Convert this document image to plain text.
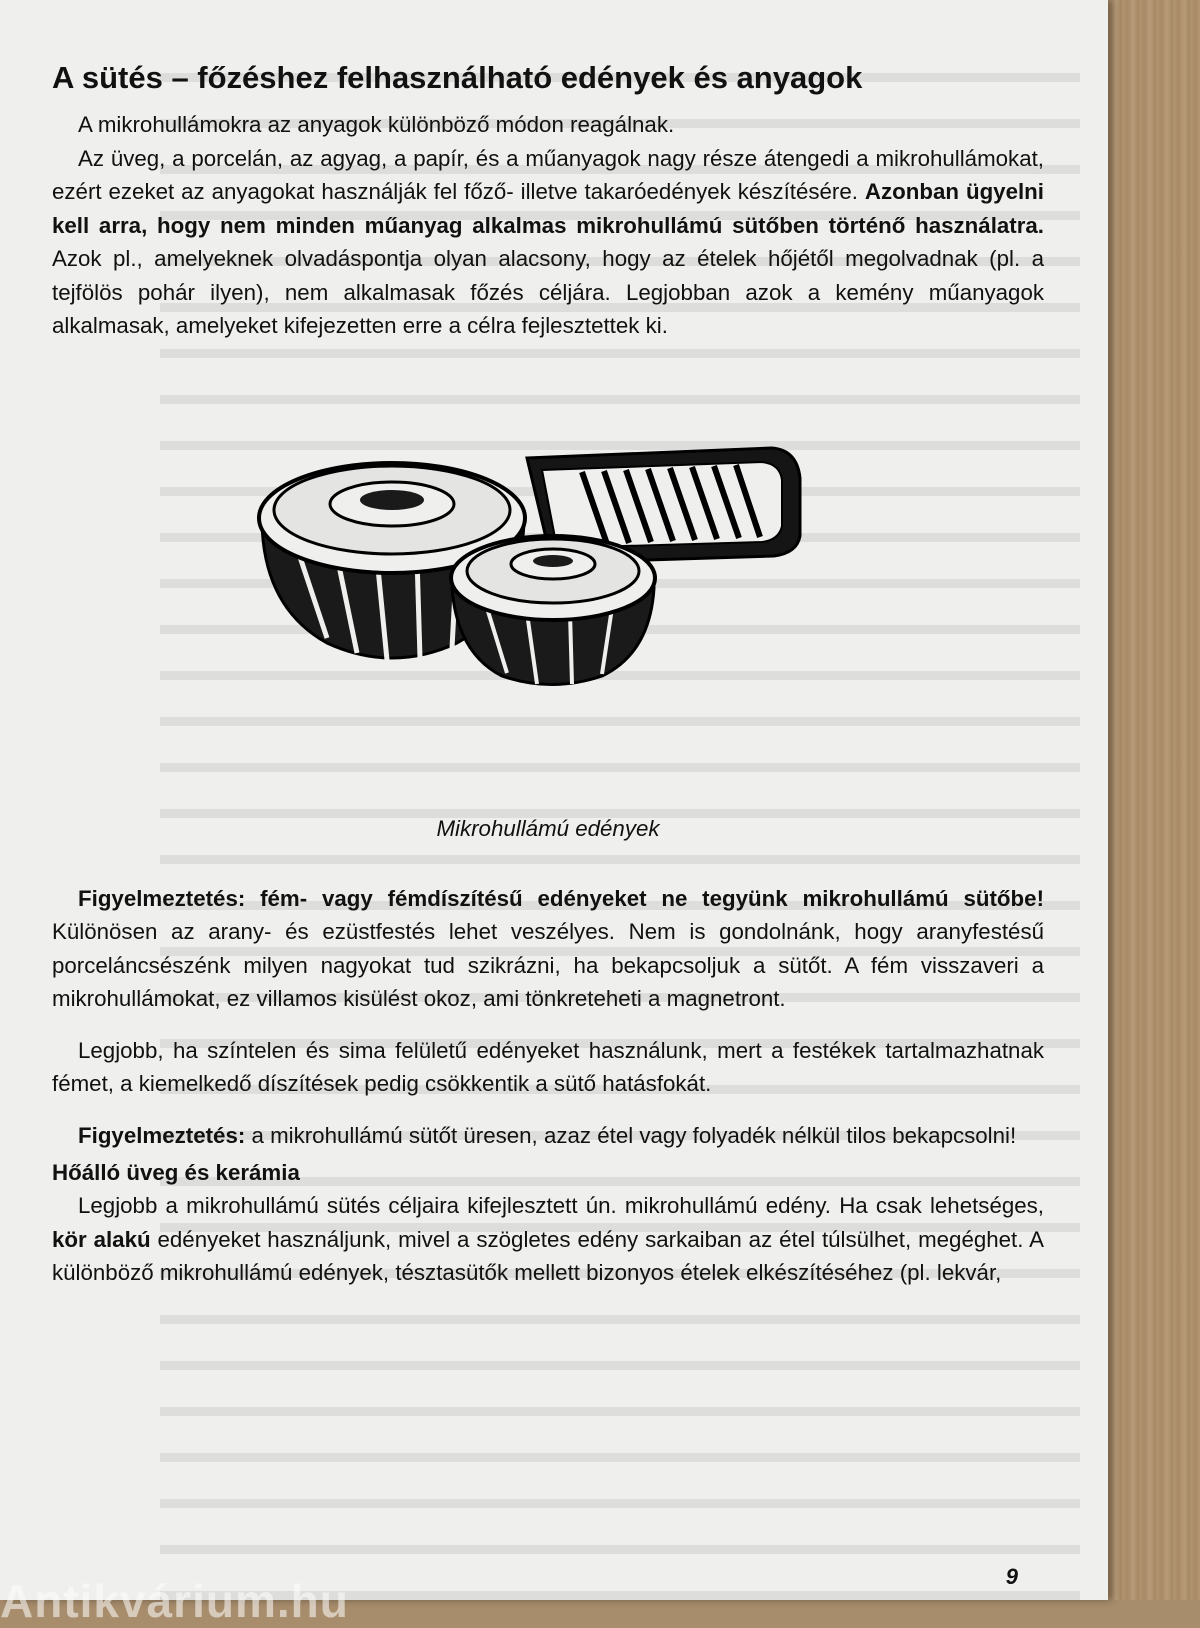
A sütés – főzéshez felhasználható edények és anyagok

A mikrohullámokra az anyagok különböző módon reagálnak.

Az üveg, a porcelán, az agyag, a papír, és a műanyagok nagy része átengedi a mikrohullámokat, ezért ezeket az anyagokat használják fel főző- illetve takaróedények készítésére. Azonban ügyelni kell arra, hogy nem minden műanyag alkalmas mikrohullámú sütőben történő használatra. Azok pl., amelyeknek olvadáspontja olyan alacsony, hogy az ételek hőjétől megolvadnak (pl. a tejfölös pohár ilyen), nem alkalmasak főzés céljára. Legjobban azok a kemény műanyagok alkalmasak, amelyeket kifejezetten erre a célra fejlesztettek ki.

Mikrohullámú edények

Figyelmeztetés: fém- vagy fémdíszítésű edényeket ne tegyünk mikrohullámú sütőbe! Különösen az arany- és ezüstfestés lehet veszélyes. Nem is gondolnánk, hogy aranyfestésű porceláncsészénk milyen nagyokat tud szikrázni, ha bekapcsoljuk a sütőt. A fém visszaveri a mikrohullámokat, ez villamos kisülést okoz, ami tönkreteheti a magnetront.

Legjobb, ha színtelen és sima felületű edényeket használunk, mert a festékek tartalmazhatnak fémet, a kiemelkedő díszítések pedig csökkentik a sütő hatásfokát.

Figyelmeztetés: a mikrohullámú sütőt üresen, azaz étel vagy folyadék nélkül tilos bekapcsolni!

Hőálló üveg és kerámia

Legjobb a mikrohullámú sütés céljaira kifejlesztett ún. mikrohullámú edény. Ha csak lehetséges, kör alakú edényeket használjunk, mivel a szögletes edény sarkaiban az étel túlsülhet, megéghet. A különböző mikrohullámú edények, tésztasütők mellett bizonyos ételek elkészítéséhez (pl. lekvár,

9
Antikvárium.hu
